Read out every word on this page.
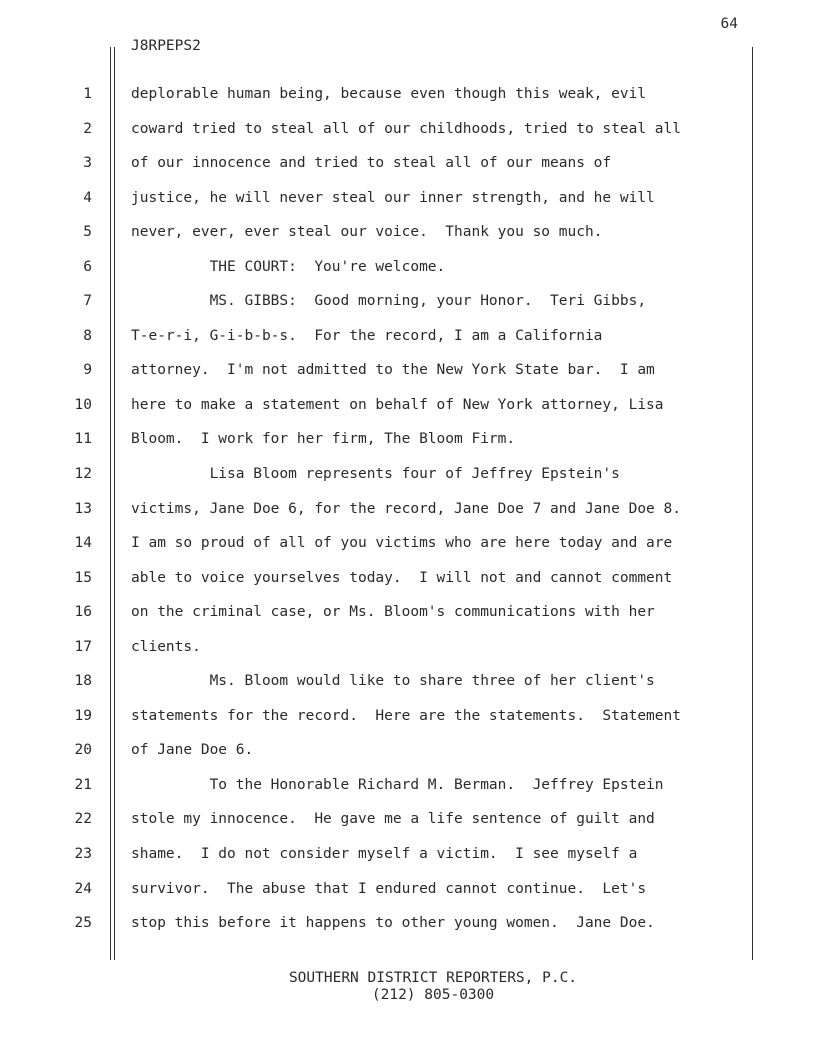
64
J8RPEPS2
1	deplorable human being, because even though this weak, evil
2	coward tried to steal all of our childhoods, tried to steal all
3	of our innocence and tried to steal all of our means of
4	justice, he will never steal our inner strength, and he will
5	never, ever, ever steal our voice.  Thank you so much.
6	THE COURT:  You're welcome.
7	MS. GIBBS:  Good morning, your Honor.  Teri Gibbs,
8	T-e-r-i, G-i-b-b-s.  For the record, I am a California
9	attorney.  I'm not admitted to the New York State bar.  I am
10	here to make a statement on behalf of New York attorney, Lisa
11	Bloom.  I work for her firm, The Bloom Firm.
12	Lisa Bloom represents four of Jeffrey Epstein's
13	victims, Jane Doe 6, for the record, Jane Doe 7 and Jane Doe 8.
14	I am so proud of all of you victims who are here today and are
15	able to voice yourselves today.  I will not and cannot comment
16	on the criminal case, or Ms. Bloom's communications with her
17	clients.
18	Ms. Bloom would like to share three of her client's
19	statements for the record.  Here are the statements.  Statement
20	of Jane Doe 6.
21	To the Honorable Richard M. Berman.  Jeffrey Epstein
22	stole my innocence.  He gave me a life sentence of guilt and
23	shame.  I do not consider myself a victim.  I see myself a
24	survivor.  The abuse that I endured cannot continue.  Let's
25	stop this before it happens to other young women.  Jane Doe.
SOUTHERN DISTRICT REPORTERS, P.C.
(212) 805-0300
